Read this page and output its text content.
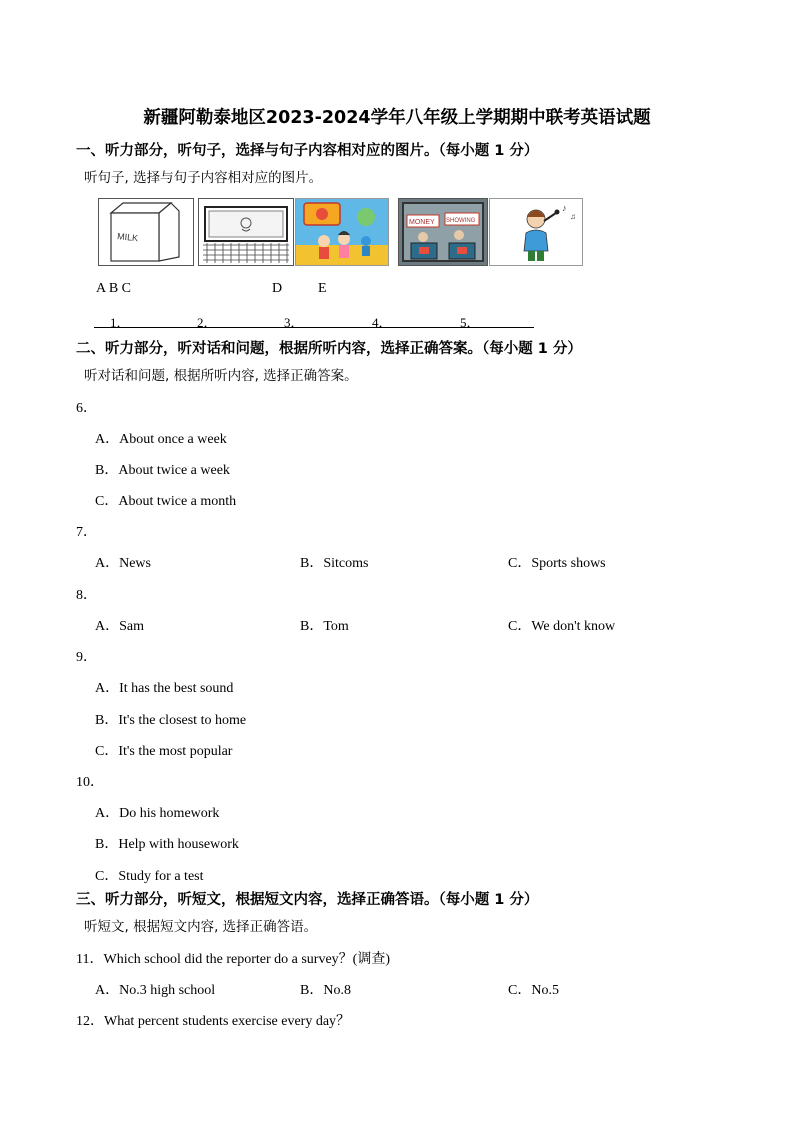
新疆阿勒泰地区2023-2024学年八年级上学期期中联考英语试题
一、听力部分，听句子，选择与句子内容相对应的图片。（每小题 1 分）
听句子, 选择与句子内容相对应的图片。
MILK
MONEY SHOWING
♪
♫
A B C	D	E
1．	2．	3．	4．	5．
二、听力部分，听对话和问题，根据所听内容，选择正确答案。（每小题 1 分）
听对话和问题, 根据所听内容, 选择正确答案。
6．
A．About once a week
B．About twice a week
C．About twice a month
7．
A．News	B．Sitcoms	C．Sports shows
8．
A．Sam	B．Tom	C．We don't know
9．
A．It has the best sound
B．It's the closest to home
C．It's the most popular
10．
A．Do his homework
B．Help with housework
C．Study for a test
三、听力部分，听短文，根据短文内容，选择正确答语。（每小题 1 分）
听短文, 根据短文内容, 选择正确答语。
11．Which school did the reporter do a survey？(调查)
A．No.3 high school	B．No.8	C．No.5
12．What percent students exercise every day？
